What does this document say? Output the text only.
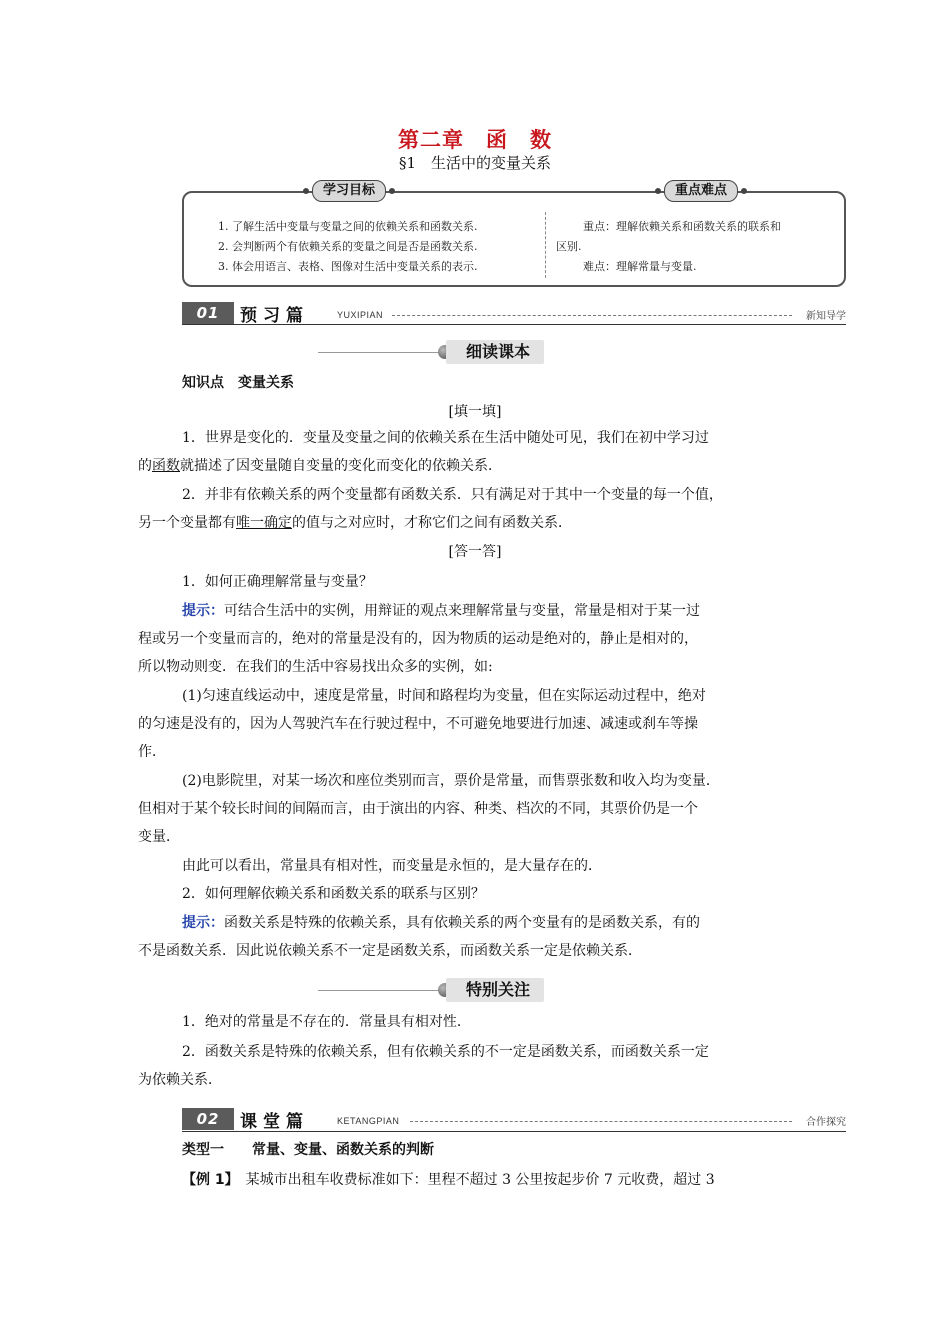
第二章　函　数
§1　生活中的变量关系
学习目标	重点难点
1. 了解生活中变量与变量之间的依赖关系和函数关系.
2. 会判断两个有依赖关系的变量之间是否是函数关系.
3. 体会用语言、表格、图像对生活中变量关系的表示.
重点：理解依赖关系和函数关系的联系和
区别.
难点：理解常量与变量.
01	预习篇	YUXIPIAN	新知导学
细读课本
知识点　变量关系
[填一填]
1．世界是变化的．变量及变量之间的依赖关系在生活中随处可见，我们在初中学习过
的函数就描述了因变量随自变量的变化而变化的依赖关系．
2．并非有依赖关系的两个变量都有函数关系．只有满足对于其中一个变量的每一个值，
另一个变量都有唯一确定的值与之对应时，才称它们之间有函数关系．
[答一答]
1．如何正确理解常量与变量？
提示：可结合生活中的实例，用辩证的观点来理解常量与变量，常量是相对于某一过
程或另一个变量而言的，绝对的常量是没有的，因为物质的运动是绝对的，静止是相对的，
所以物动则变．在我们的生活中容易找出众多的实例，如:
(1)匀速直线运动中，速度是常量，时间和路程均为变量，但在实际运动过程中，绝对
的匀速是没有的，因为人驾驶汽车在行驶过程中，不可避免地要进行加速、减速或刹车等操
作．
(2)电影院里，对某一场次和座位类别而言，票价是常量，而售票张数和收入均为变量．
但相对于某个较长时间的间隔而言，由于演出的内容、种类、档次的不同，其票价仍是一个
变量．
由此可以看出，常量具有相对性，而变量是永恒的，是大量存在的．
2．如何理解依赖关系和函数关系的联系与区别？
提示：函数关系是特殊的依赖关系，具有依赖关系的两个变量有的是函数关系，有的
不是函数关系．因此说依赖关系不一定是函数关系，而函数关系一定是依赖关系．
特别关注
1．绝对的常量是不存在的．常量具有相对性．
2．函数关系是特殊的依赖关系，但有依赖关系的不一定是函数关系，而函数关系一定
为依赖关系．
02	课堂篇	KETANGPIAN	合作探究
类型一　　常量、变量、函数关系的判断
【例 1】　 某城市出租车收费标准如下：里程不超过 3 公里按起步价 7 元收费，超过 3
